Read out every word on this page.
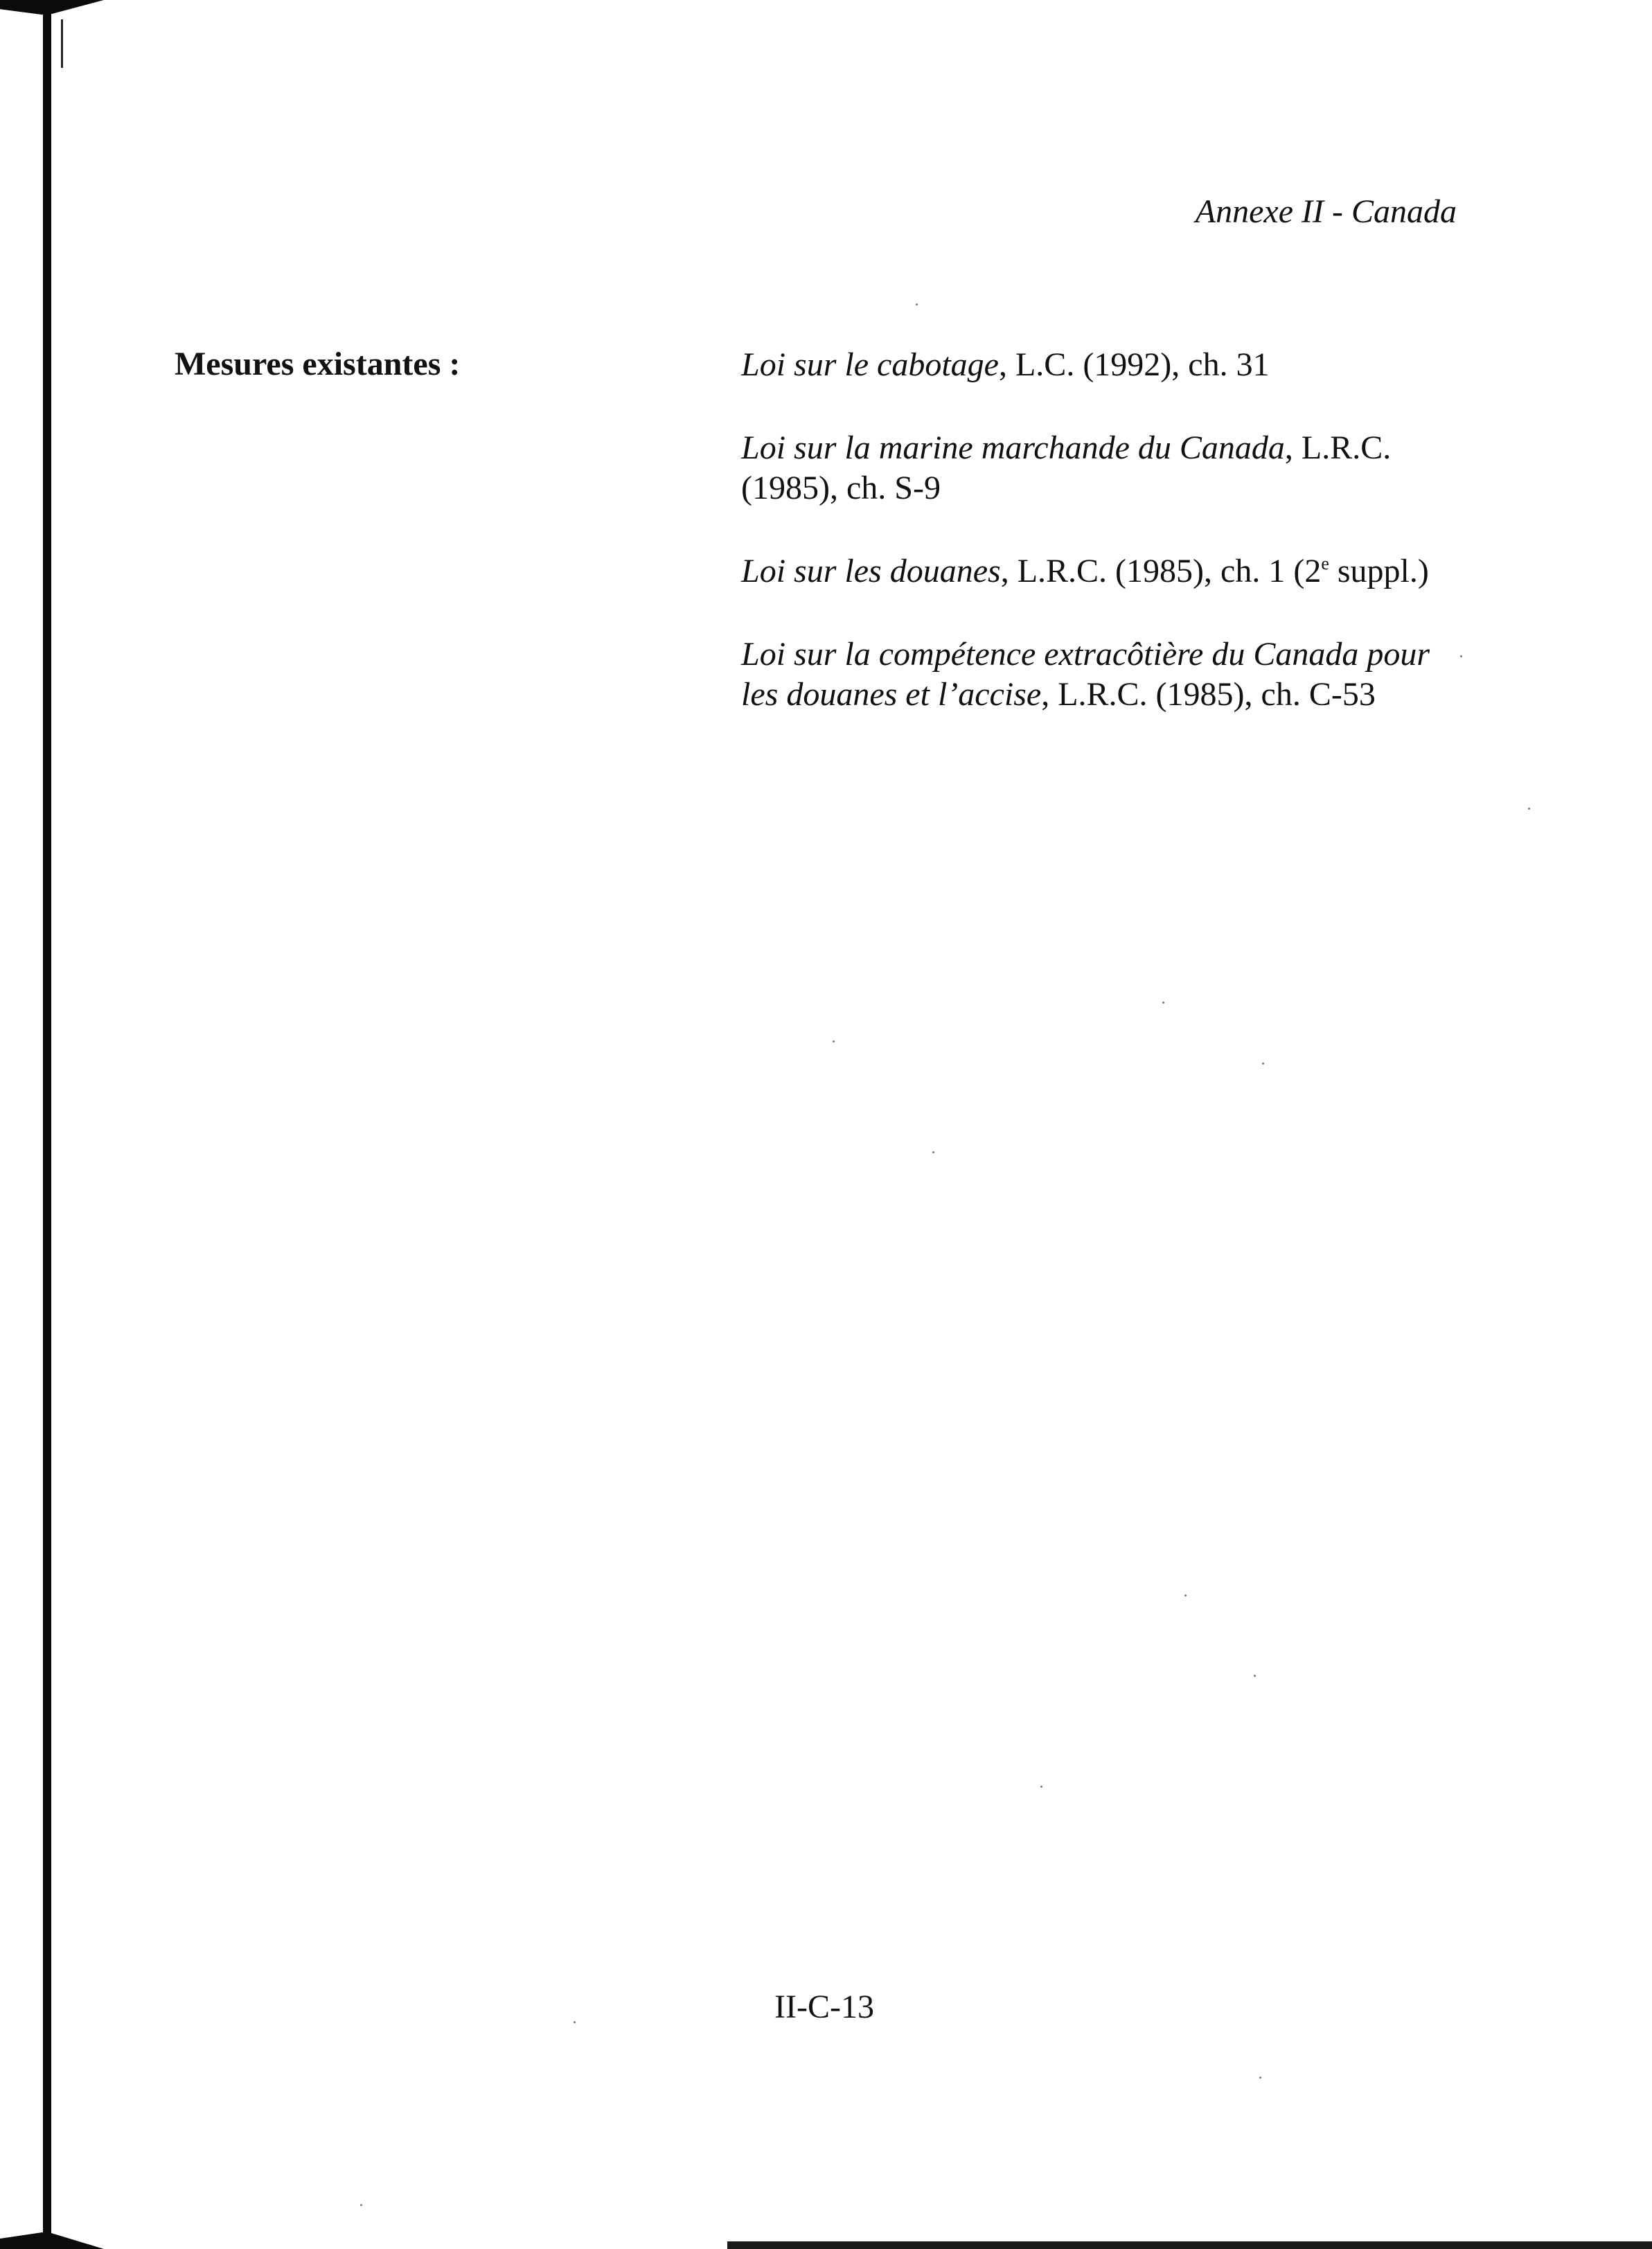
Annexe II - Canada
Mesures existantes :	Loi sur le cabotage, L.C. (1992), ch. 31
Loi sur la marine marchande du Canada, L.R.C. (1985), ch. S-9
Loi sur les douanes, L.R.C. (1985), ch. 1 (2e suppl.)
Loi sur la compétence extracôtière du Canada pour les douanes et l’accise, L.R.C. (1985), ch. C-53
II-C-13
